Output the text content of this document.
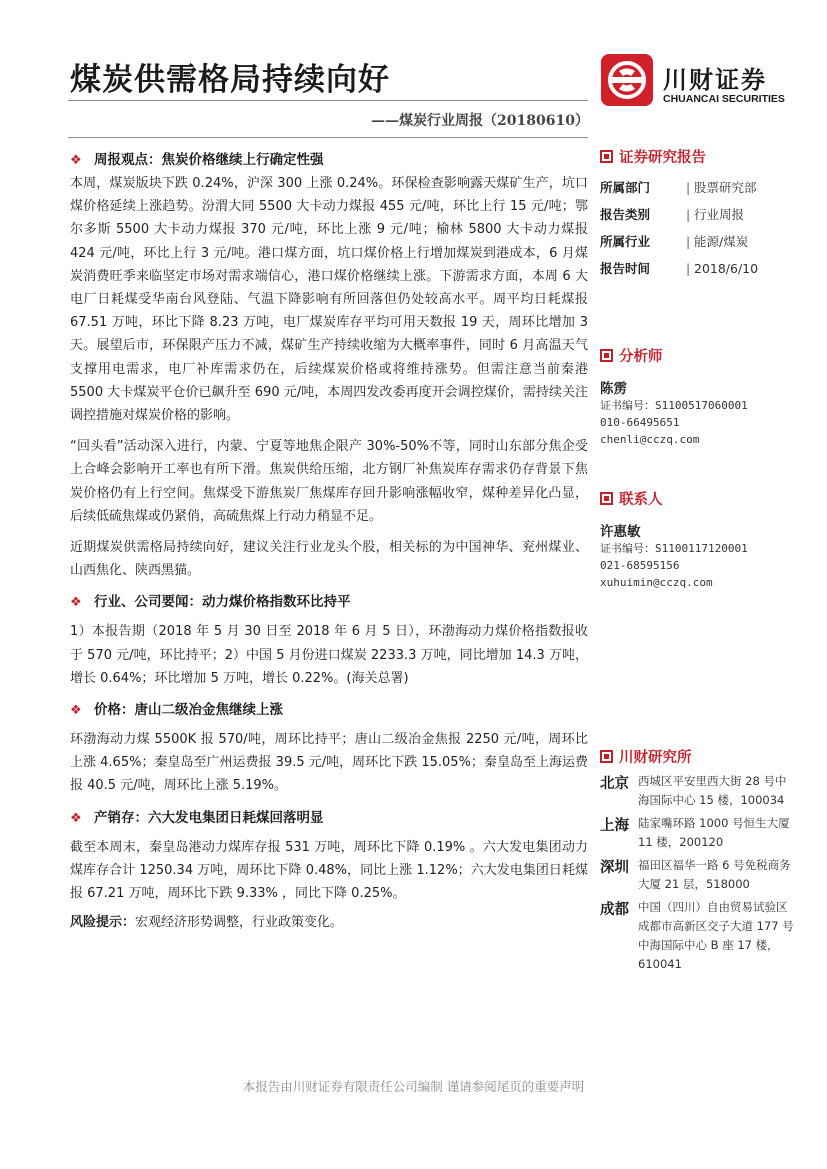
煤炭供需格局持续向好
——煤炭行业周报（20180610）
川财证券
CHUANCAI SECURITIES
❖ 周报观点：焦炭价格继续上行确定性强

本周，煤炭版块下跌 0.24%，沪深 300 上涨 0.24%。环保检查影响露天煤矿生产，坑口煤价格延续上涨趋势。汾渭大同 5500 大卡动力煤报 455 元/吨，环比上行 15 元/吨；鄂尔多斯 5500 大卡动力煤报 370 元/吨，环比上涨 9 元/吨；榆林 5800 大卡动力煤报 424 元/吨，环比上行 3 元/吨。港口煤方面，坑口煤价格上行增加煤炭到港成本，6 月煤炭消费旺季来临坚定市场对需求端信心，港口煤价格继续上涨。下游需求方面，本周 6 大电厂日耗煤受华南台风登陆、气温下降影响有所回落但仍处较高水平。周平均日耗煤报 67.51 万吨，环比下降 8.23 万吨，电厂煤炭库存平均可用天数报 19 天，周环比增加 3 天。展望后市，环保限产压力不减，煤矿生产持续收缩为大概率事件，同时 6 月高温天气支撑用电需求，电厂补库需求仍在，后续煤炭价格或将维持涨势。但需注意当前秦港 5500 大卡煤炭平仓价已飙升至 690 元/吨，本周四发改委再度开会调控煤价，需持续关注调控措施对煤炭价格的影响。

“回头看”活动深入进行，内蒙、宁夏等地焦企限产 30%-50%不等，同时山东部分焦企受上合峰会影响开工率也有所下滑。焦炭供给压缩，北方钢厂补焦炭库存需求仍存背景下焦炭价格仍有上行空间。焦煤受下游焦炭厂焦煤库存回升影响涨幅收窄，煤种差异化凸显，后续低硫焦煤或仍紧俏，高硫焦煤上行动力稍显不足。

近期煤炭供需格局持续向好，建议关注行业龙头个股，相关标的为中国神华、兖州煤业、山西焦化、陕西黑猫。

❖ 行业、公司要闻：动力煤价格指数环比持平

1）本报告期（2018 年 5 月 30 日至 2018 年 6 月 5 日），环渤海动力煤价格指数报收于 570 元/吨，环比持平；2）中国 5 月份进口煤炭 2233.3 万吨，同比增加 14.3 万吨，增长 0.64%；环比增加 5 万吨，增长 0.22%。(海关总署)

❖ 价格：唐山二级冶金焦继续上涨

环渤海动力煤 5500K 报 570/吨，周环比持平；唐山二级冶金焦报 2250 元/吨，周环比上涨 4.65%；秦皇岛至广州运费报 39.5 元/吨，周环比下跌 15.05%；秦皇岛至上海运费报 40.5 元/吨，周环比上涨 5.19%。

❖ 产销存：六大发电集团日耗煤回落明显

截至本周末，秦皇岛港动力煤库存报 531 万吨，周环比下降 0.19% 。六大发电集团动力煤库存合计 1250.34 万吨，周环比下降 0.48%，同比上涨 1.12%；六大发电集团日耗煤报 67.21 万吨，周环比下跌 9.33% ，同比下降 0.25%。

风险提示：宏观经济形势调整，行业政策变化。

证券研究报告
所属部门	| 股票研究部
报告类别	| 行业周报
所属行业	| 能源/煤炭
报告时间	| 2018/6/10
分析师
陈雳
证书编号：S1100517060001
010-66495651
chenli@cczq.com
联系人
许惠敏
证书编号：S1100117120001
021-68595156
xuhuimin@cczq.com
川财研究所
北京 西城区平安里西大街 28 号中海国际中心 15 楼，100034
上海 陆家嘴环路 1000 号恒生大厦 11 楼，200120
深圳 福田区福华一路 6 号免税商务大厦 21 层，518000
成都 中国（四川）自由贸易试验区成都市高新区交子大道 177 号中海国际中心 B 座 17 楼，610041
本报告由川财证券有限责任公司编制 谨请参阅尾页的重要声明
